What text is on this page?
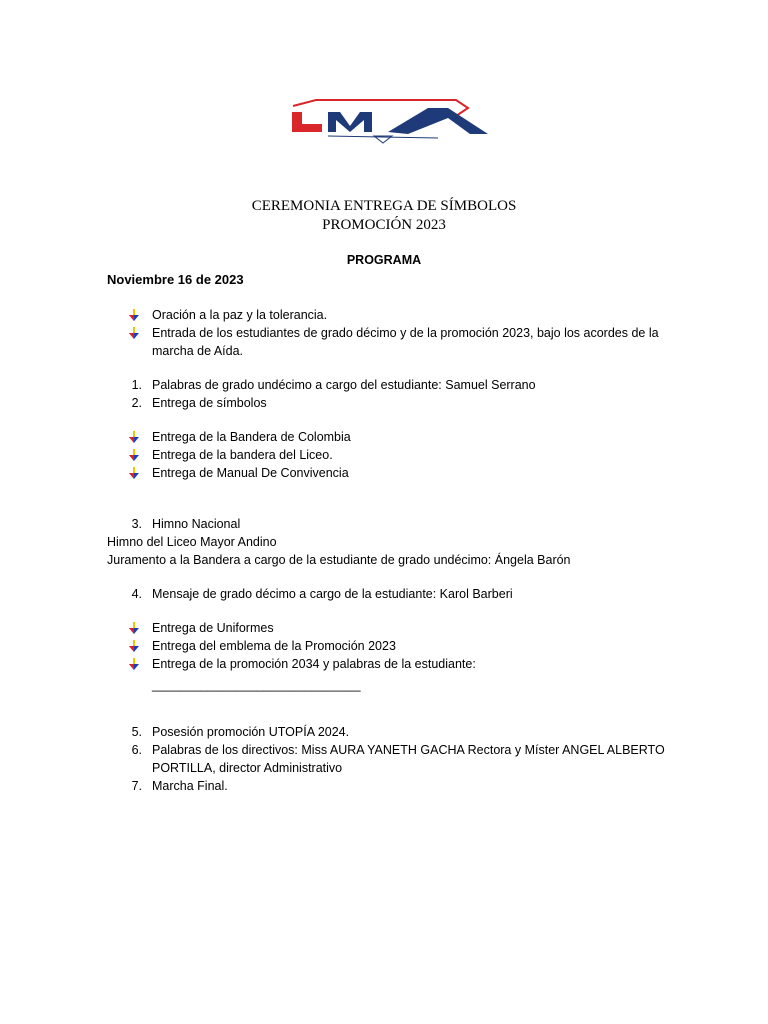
CEREMONIA ENTREGA DE SÍMBOLOS
PROMOCIÓN 2023
PROGRAMA
Noviembre 16 de 2023
Oración a la paz y la tolerancia.
Entrada de los estudiantes de grado décimo y de la promoción 2023, bajo los acordes de la
marcha de Aída.
1. Palabras de grado undécimo a cargo del estudiante: Samuel Serrano
2. Entrega de símbolos
Entrega de la Bandera de Colombia
Entrega de la bandera del Liceo.
Entrega de Manual De Convivencia
3. Himno Nacional
Himno del Liceo Mayor Andino
Juramento a la Bandera a cargo de la estudiante de grado undécimo: Ángela Barón
4. Mensaje de grado décimo a cargo de la estudiante: Karol Barberi
Entrega de Uniformes
Entrega del emblema de la Promoción 2023
Entrega de la promoción 2034 y palabras de la estudiante:
______________________________
5. Posesión promoción UTOPÍA 2024.
6. Palabras de los directivos: Miss AURA YANETH GACHA Rectora y Míster ANGEL ALBERTO
PORTILLA, director Administrativo
7. Marcha Final.
